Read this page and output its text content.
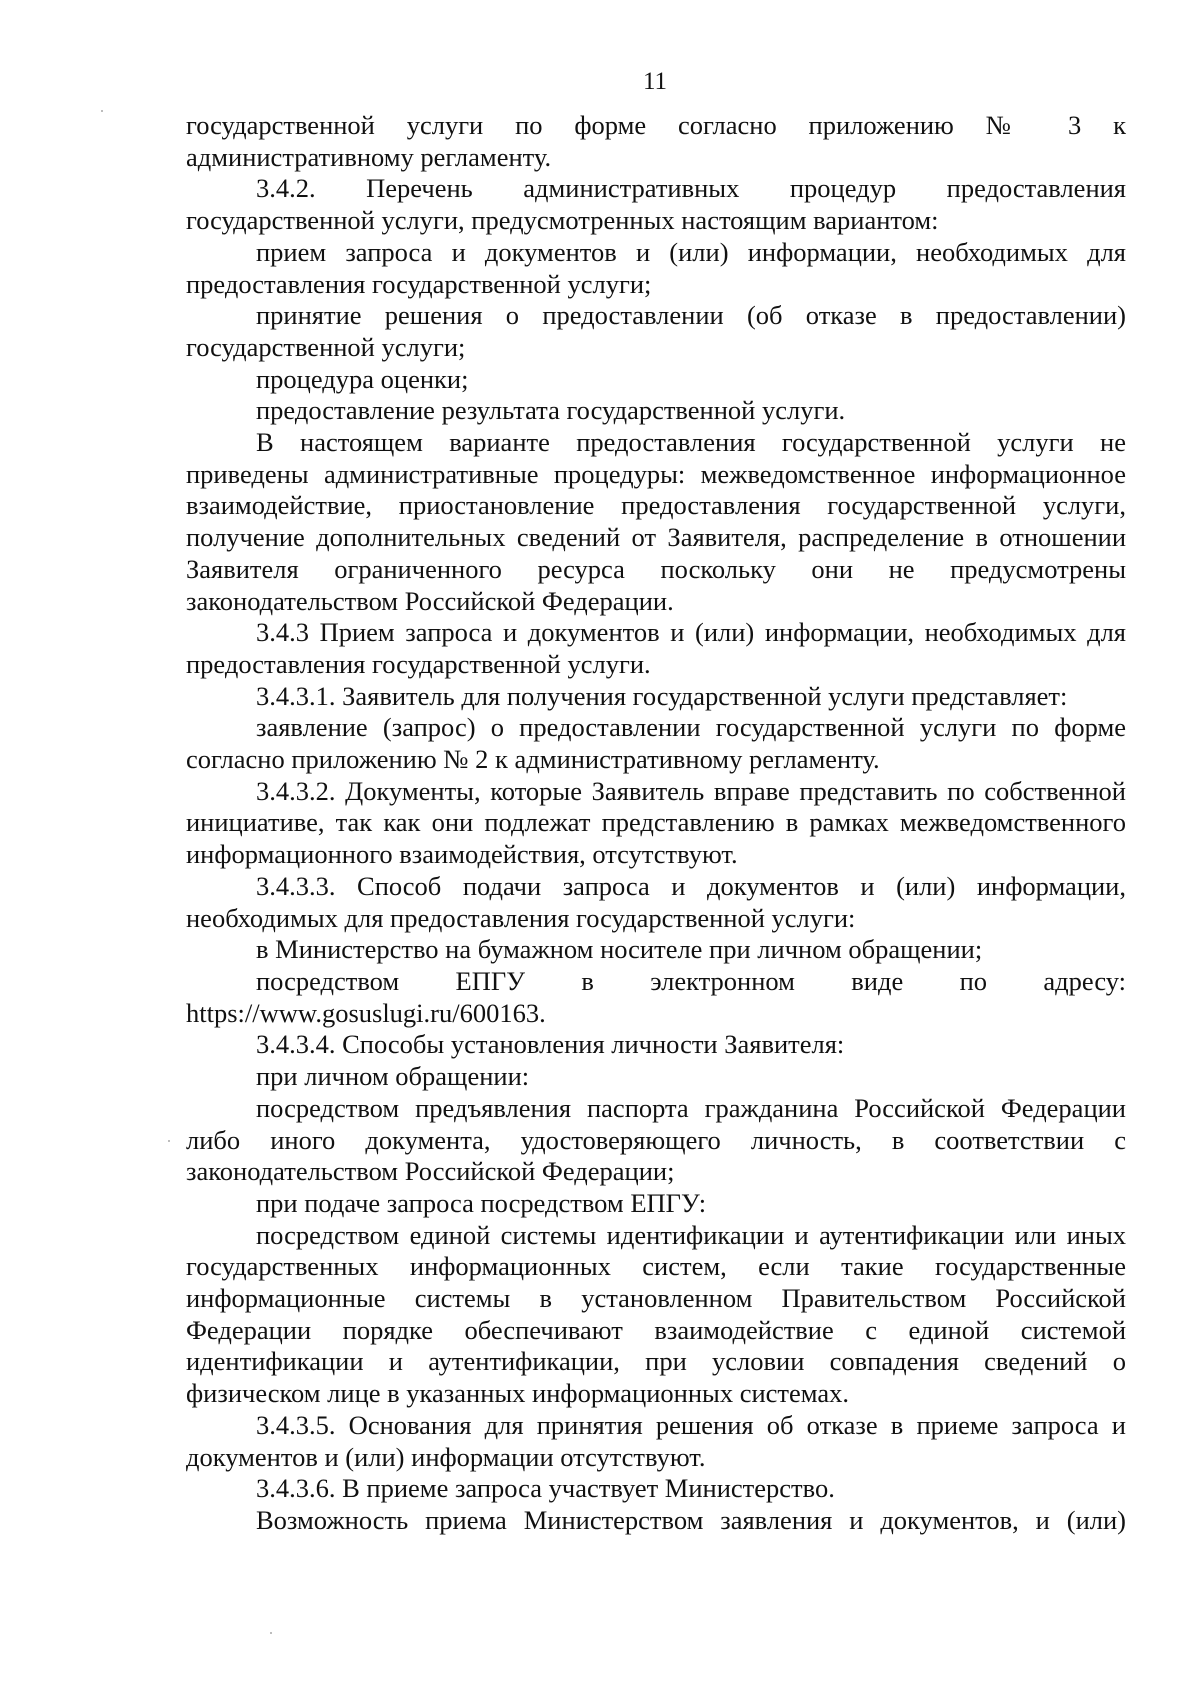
11

государственной услуги по форме согласно приложению № 3 к административному регламенту.

3.4.2. Перечень административных процедур предоставления государственной услуги, предусмотренных настоящим вариантом:

прием запроса и документов и (или) информации, необходимых для предоставления государственной услуги;

принятие решения о предоставлении (об отказе в предоставлении) государственной услуги;

процедура оценки;

предоставление результата государственной услуги.

В настоящем варианте предоставления государственной услуги не приведены административные процедуры: межведомственное информационное взаимодействие, приостановление предоставления государственной услуги, получение дополнительных сведений от Заявителя, распределение в отношении Заявителя ограниченного ресурса поскольку они не предусмотрены законодательством Российской Федерации.

3.4.3 Прием запроса и документов и (или) информации, необходимых для предоставления государственной услуги.

3.4.3.1. Заявитель для получения государственной услуги представляет:

заявление (запрос) о предоставлении государственной услуги по форме согласно приложению № 2 к административному регламенту.

3.4.3.2. Документы, которые Заявитель вправе представить по собственной инициативе, так как они подлежат представлению в рамках межведомственного информационного взаимодействия, отсутствуют.

3.4.3.3. Способ подачи запроса и документов и (или) информации, необходимых для предоставления государственной услуги:

в Министерство на бумажном носителе при личном обращении;

посредством ЕПГУ в электронном виде по адресу: https://www.gosuslugi.ru/600163.

3.4.3.4. Способы установления личности Заявителя:

при личном обращении:

посредством предъявления паспорта гражданина Российской Федерации либо иного документа, удостоверяющего личность, в соответствии с законодательством Российской Федерации;

при подаче запроса посредством ЕПГУ:

посредством единой системы идентификации и аутентификации или иных государственных информационных систем, если такие государственные информационные системы в установленном Правительством Российской Федерации порядке обеспечивают взаимодействие с единой системой идентификации и аутентификации, при условии совпадения сведений о физическом лице в указанных информационных системах.

3.4.3.5. Основания для принятия решения об отказе в приеме запроса и документов и (или) информации отсутствуют.

3.4.3.6. В приеме запроса участвует Министерство.

Возможность приема Министерством заявления и документов, и (или)
